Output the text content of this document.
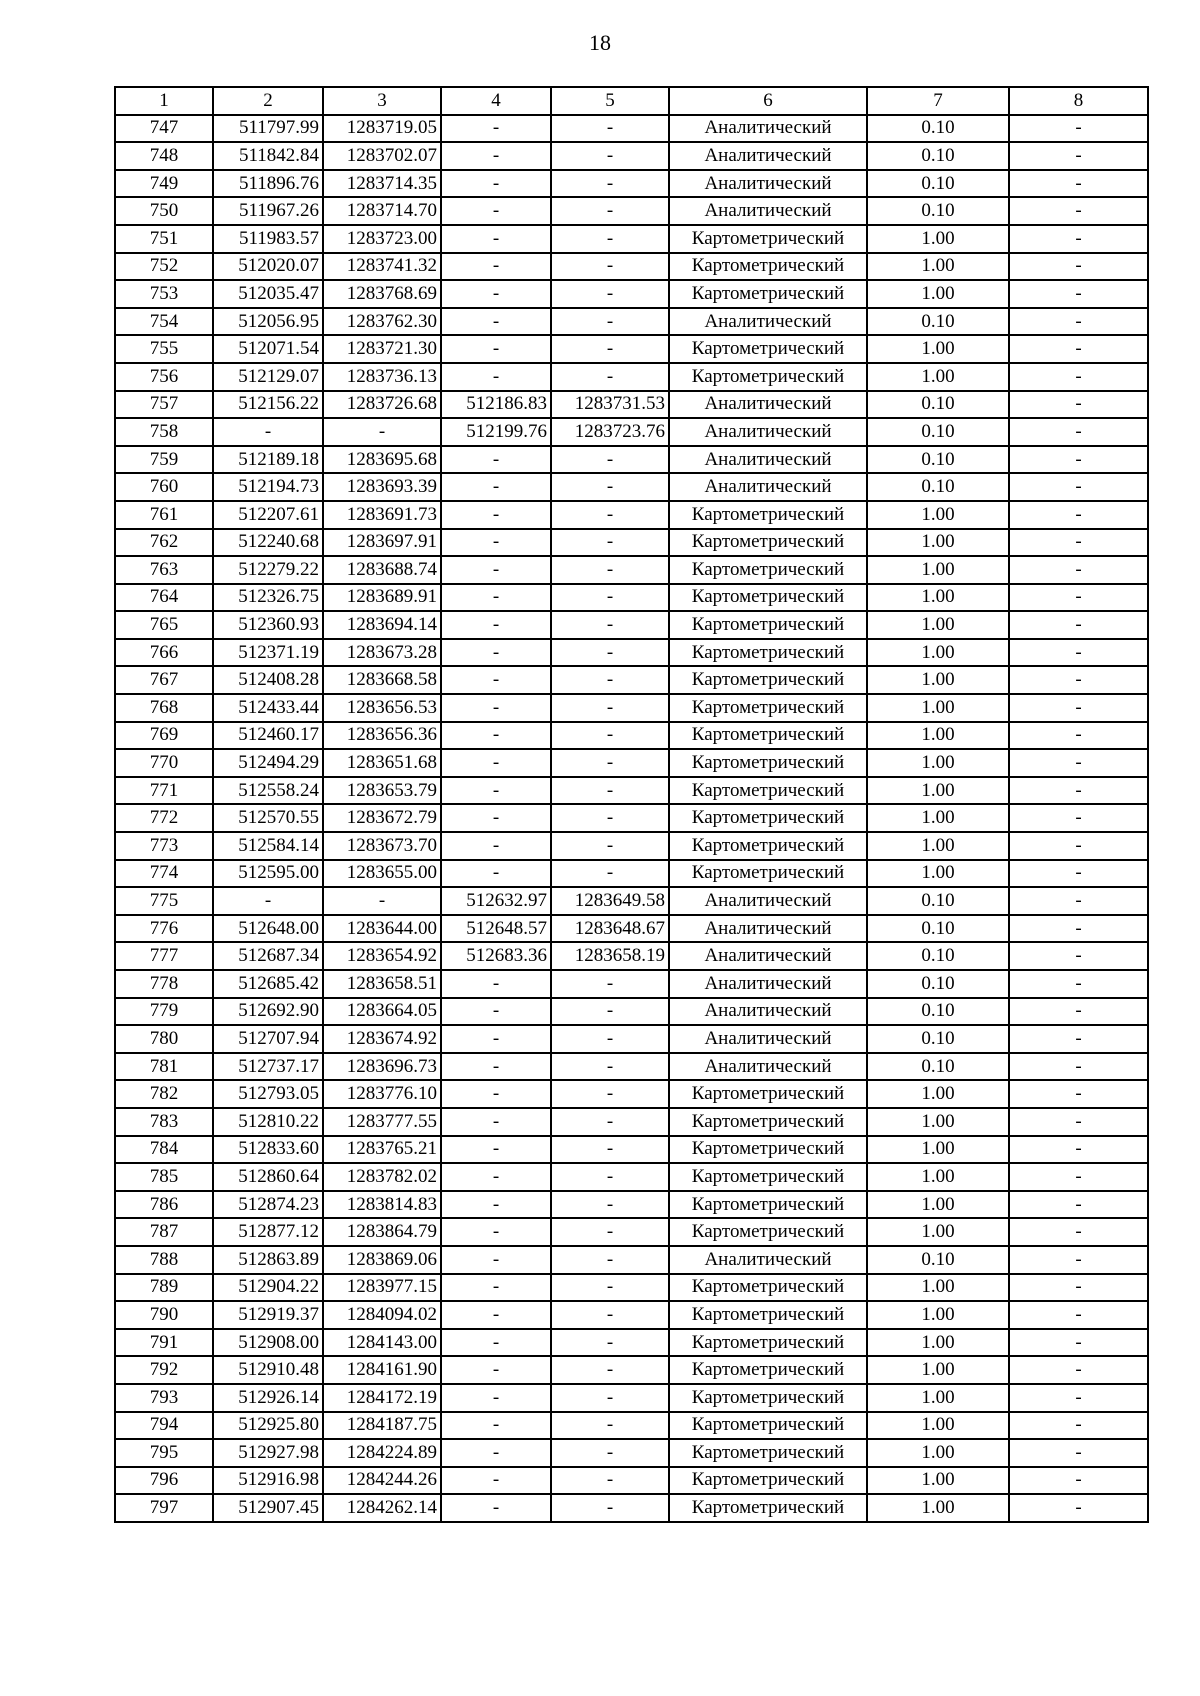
18
1	2	3	4	5	6	7	8
747	511797.99	1283719.05	-	-	Аналитический	0.10	-
748	511842.84	1283702.07	-	-	Аналитический	0.10	-
749	511896.76	1283714.35	-	-	Аналитический	0.10	-
750	511967.26	1283714.70	-	-	Аналитический	0.10	-
751	511983.57	1283723.00	-	-	Картометрический	1.00	-
752	512020.07	1283741.32	-	-	Картометрический	1.00	-
753	512035.47	1283768.69	-	-	Картометрический	1.00	-
754	512056.95	1283762.30	-	-	Аналитический	0.10	-
755	512071.54	1283721.30	-	-	Картометрический	1.00	-
756	512129.07	1283736.13	-	-	Картометрический	1.00	-
757	512156.22	1283726.68	512186.83	1283731.53	Аналитический	0.10	-
758	-	-	512199.76	1283723.76	Аналитический	0.10	-
759	512189.18	1283695.68	-	-	Аналитический	0.10	-
760	512194.73	1283693.39	-	-	Аналитический	0.10	-
761	512207.61	1283691.73	-	-	Картометрический	1.00	-
762	512240.68	1283697.91	-	-	Картометрический	1.00	-
763	512279.22	1283688.74	-	-	Картометрический	1.00	-
764	512326.75	1283689.91	-	-	Картометрический	1.00	-
765	512360.93	1283694.14	-	-	Картометрический	1.00	-
766	512371.19	1283673.28	-	-	Картометрический	1.00	-
767	512408.28	1283668.58	-	-	Картометрический	1.00	-
768	512433.44	1283656.53	-	-	Картометрический	1.00	-
769	512460.17	1283656.36	-	-	Картометрический	1.00	-
770	512494.29	1283651.68	-	-	Картометрический	1.00	-
771	512558.24	1283653.79	-	-	Картометрический	1.00	-
772	512570.55	1283672.79	-	-	Картометрический	1.00	-
773	512584.14	1283673.70	-	-	Картометрический	1.00	-
774	512595.00	1283655.00	-	-	Картометрический	1.00	-
775	-	-	512632.97	1283649.58	Аналитический	0.10	-
776	512648.00	1283644.00	512648.57	1283648.67	Аналитический	0.10	-
777	512687.34	1283654.92	512683.36	1283658.19	Аналитический	0.10	-
778	512685.42	1283658.51	-	-	Аналитический	0.10	-
779	512692.90	1283664.05	-	-	Аналитический	0.10	-
780	512707.94	1283674.92	-	-	Аналитический	0.10	-
781	512737.17	1283696.73	-	-	Аналитический	0.10	-
782	512793.05	1283776.10	-	-	Картометрический	1.00	-
783	512810.22	1283777.55	-	-	Картометрический	1.00	-
784	512833.60	1283765.21	-	-	Картометрический	1.00	-
785	512860.64	1283782.02	-	-	Картометрический	1.00	-
786	512874.23	1283814.83	-	-	Картометрический	1.00	-
787	512877.12	1283864.79	-	-	Картометрический	1.00	-
788	512863.89	1283869.06	-	-	Аналитический	0.10	-
789	512904.22	1283977.15	-	-	Картометрический	1.00	-
790	512919.37	1284094.02	-	-	Картометрический	1.00	-
791	512908.00	1284143.00	-	-	Картометрический	1.00	-
792	512910.48	1284161.90	-	-	Картометрический	1.00	-
793	512926.14	1284172.19	-	-	Картометрический	1.00	-
794	512925.80	1284187.75	-	-	Картометрический	1.00	-
795	512927.98	1284224.89	-	-	Картометрический	1.00	-
796	512916.98	1284244.26	-	-	Картометрический	1.00	-
797	512907.45	1284262.14	-	-	Картометрический	1.00	-
